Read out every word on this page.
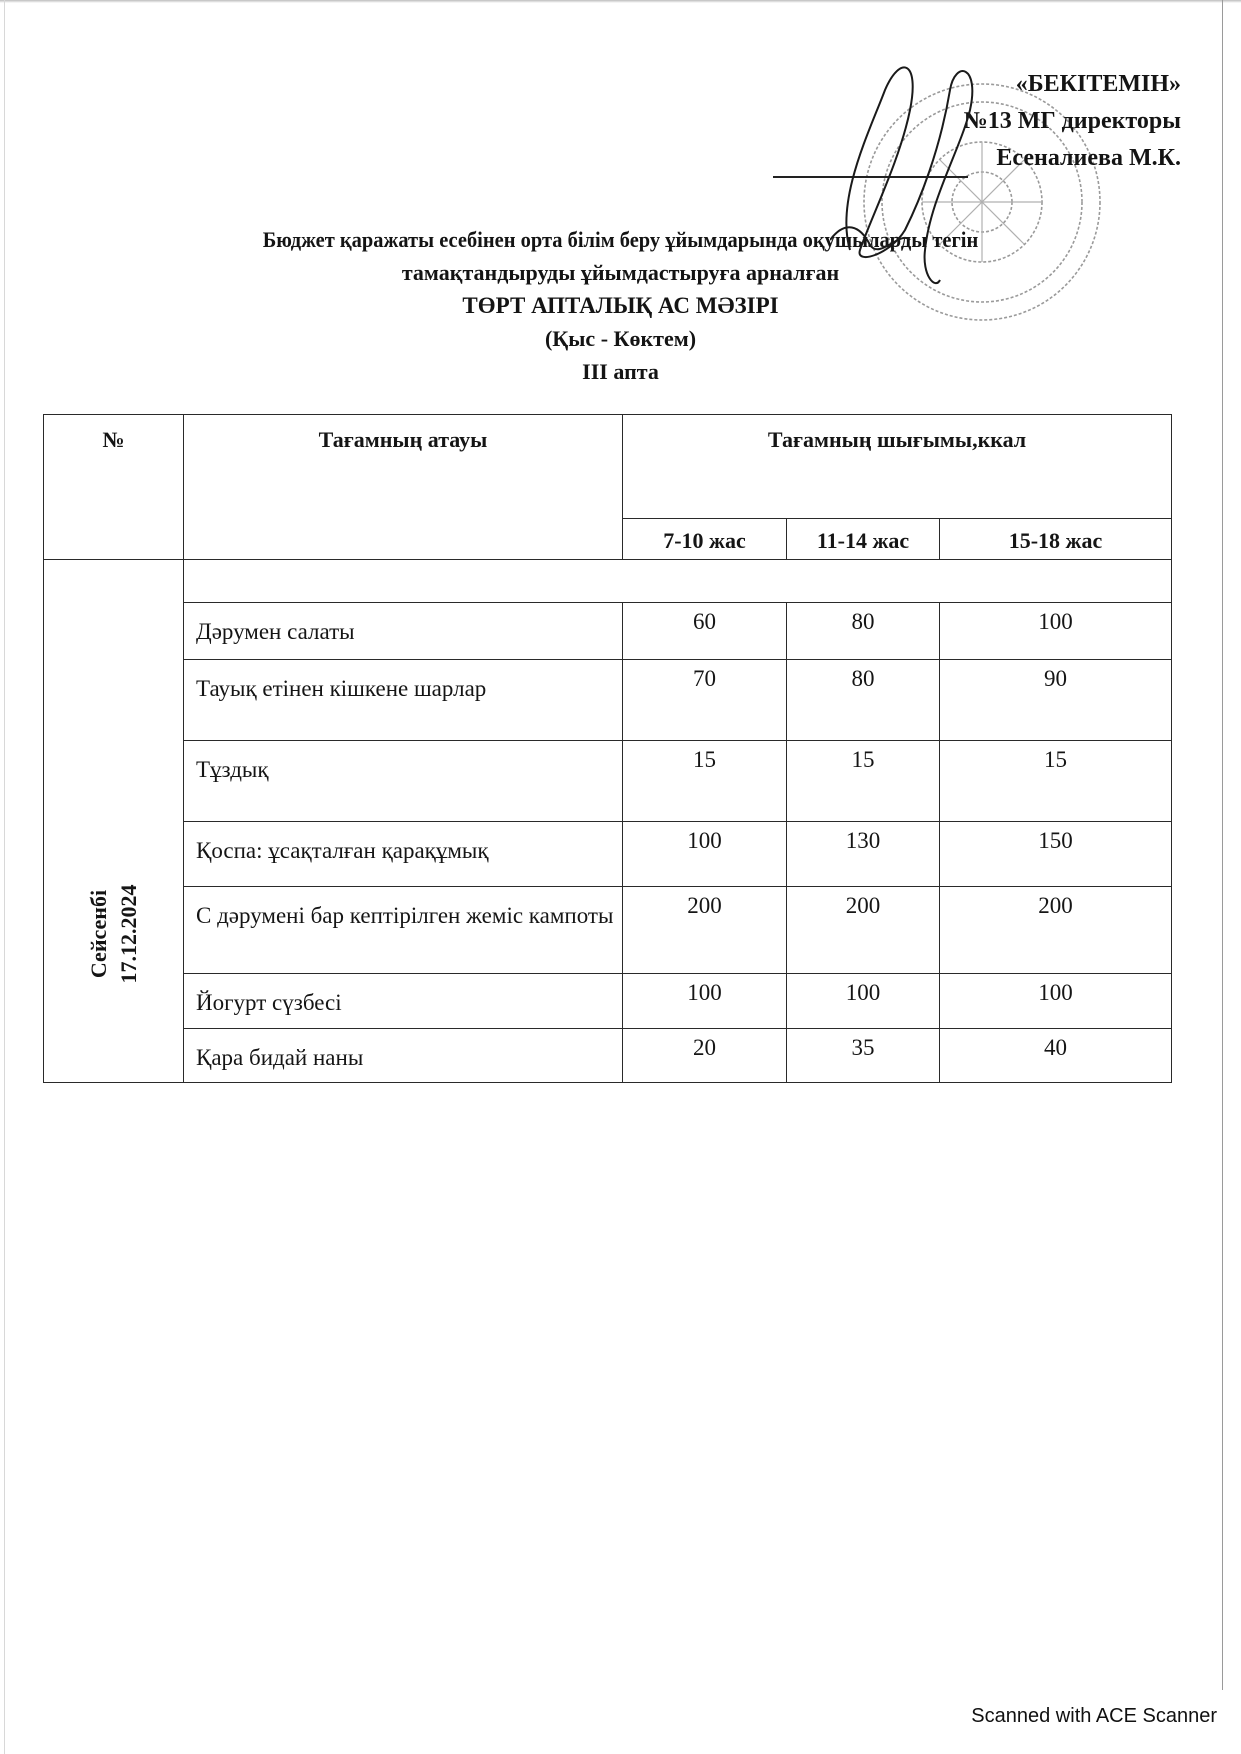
«БЕКІТЕМІН»
№13 МГ директоры
Есеналиева М.К.
Бюджет қаражаты есебінен орта білім беру ұйымдарында оқушыларды тегін
тамақтандыруды ұйымдастыруға арналған
ТӨРТ АПТАЛЫҚ АС МӘЗІРІ
(Қыс - Көктем)
III апта
№	Тағамның атауы	Тағамның шығымы,ккал		
		7-10 жас	11-14 жас	15-18 жас

Сейсенбі 17.12.2024				

	Дәрумен салаты	60	80	100
	Тауық етінен кішкене шарлар	70	80	90
	Тұздық	15	15	15
	Қоспа: ұсақталған қарақұмық	100	130	150
	С дәрумені бар кептірілген жеміс кампоты	200	200	200
	Йогурт сүзбесі	100	100	100
	Қара бидай наны	20	35	40
Scanned with ACE Scanner
